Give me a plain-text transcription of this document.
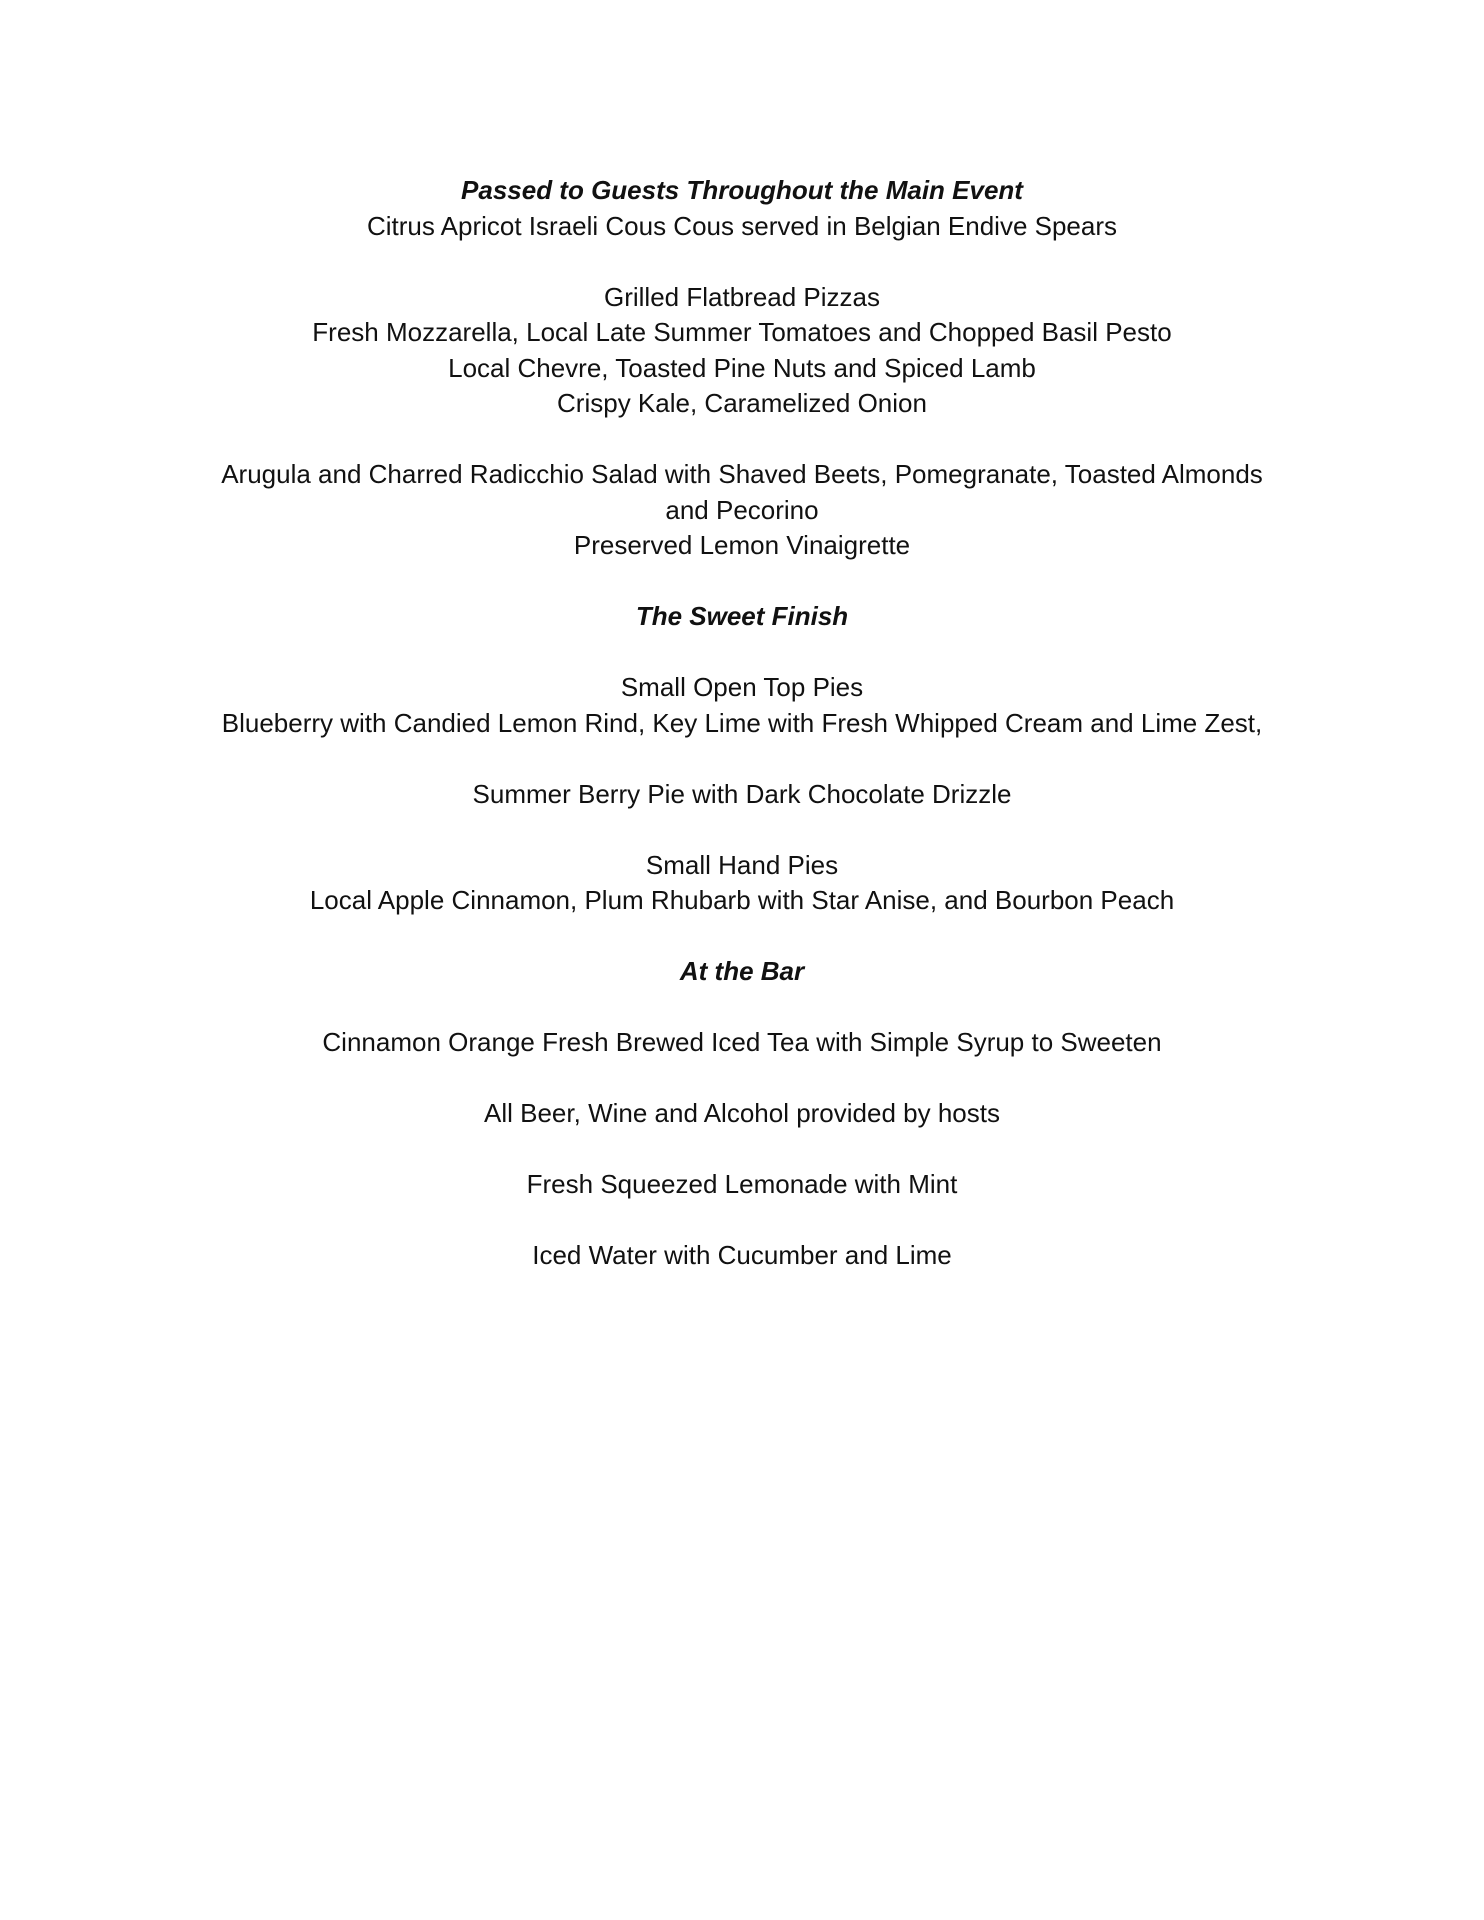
Passed to Guests Throughout the Main Event
Citrus Apricot Israeli Cous Cous served in Belgian Endive Spears
Grilled Flatbread Pizzas
Fresh Mozzarella, Local Late Summer Tomatoes and Chopped Basil Pesto
Local Chevre, Toasted Pine Nuts and Spiced Lamb
Crispy Kale, Caramelized Onion
Arugula and Charred Radicchio Salad with Shaved Beets, Pomegranate, Toasted Almonds
and Pecorino
Preserved Lemon Vinaigrette
The Sweet Finish
Small Open Top Pies
Blueberry with Candied Lemon Rind, Key Lime with Fresh Whipped Cream and Lime Zest,
Summer Berry Pie with Dark Chocolate Drizzle
Small Hand Pies
Local Apple Cinnamon, Plum Rhubarb with Star Anise, and Bourbon Peach
At the Bar
Cinnamon Orange Fresh Brewed Iced Tea with Simple Syrup to Sweeten
All Beer, Wine and Alcohol provided by hosts
Fresh Squeezed Lemonade with Mint
Iced Water with Cucumber and Lime
